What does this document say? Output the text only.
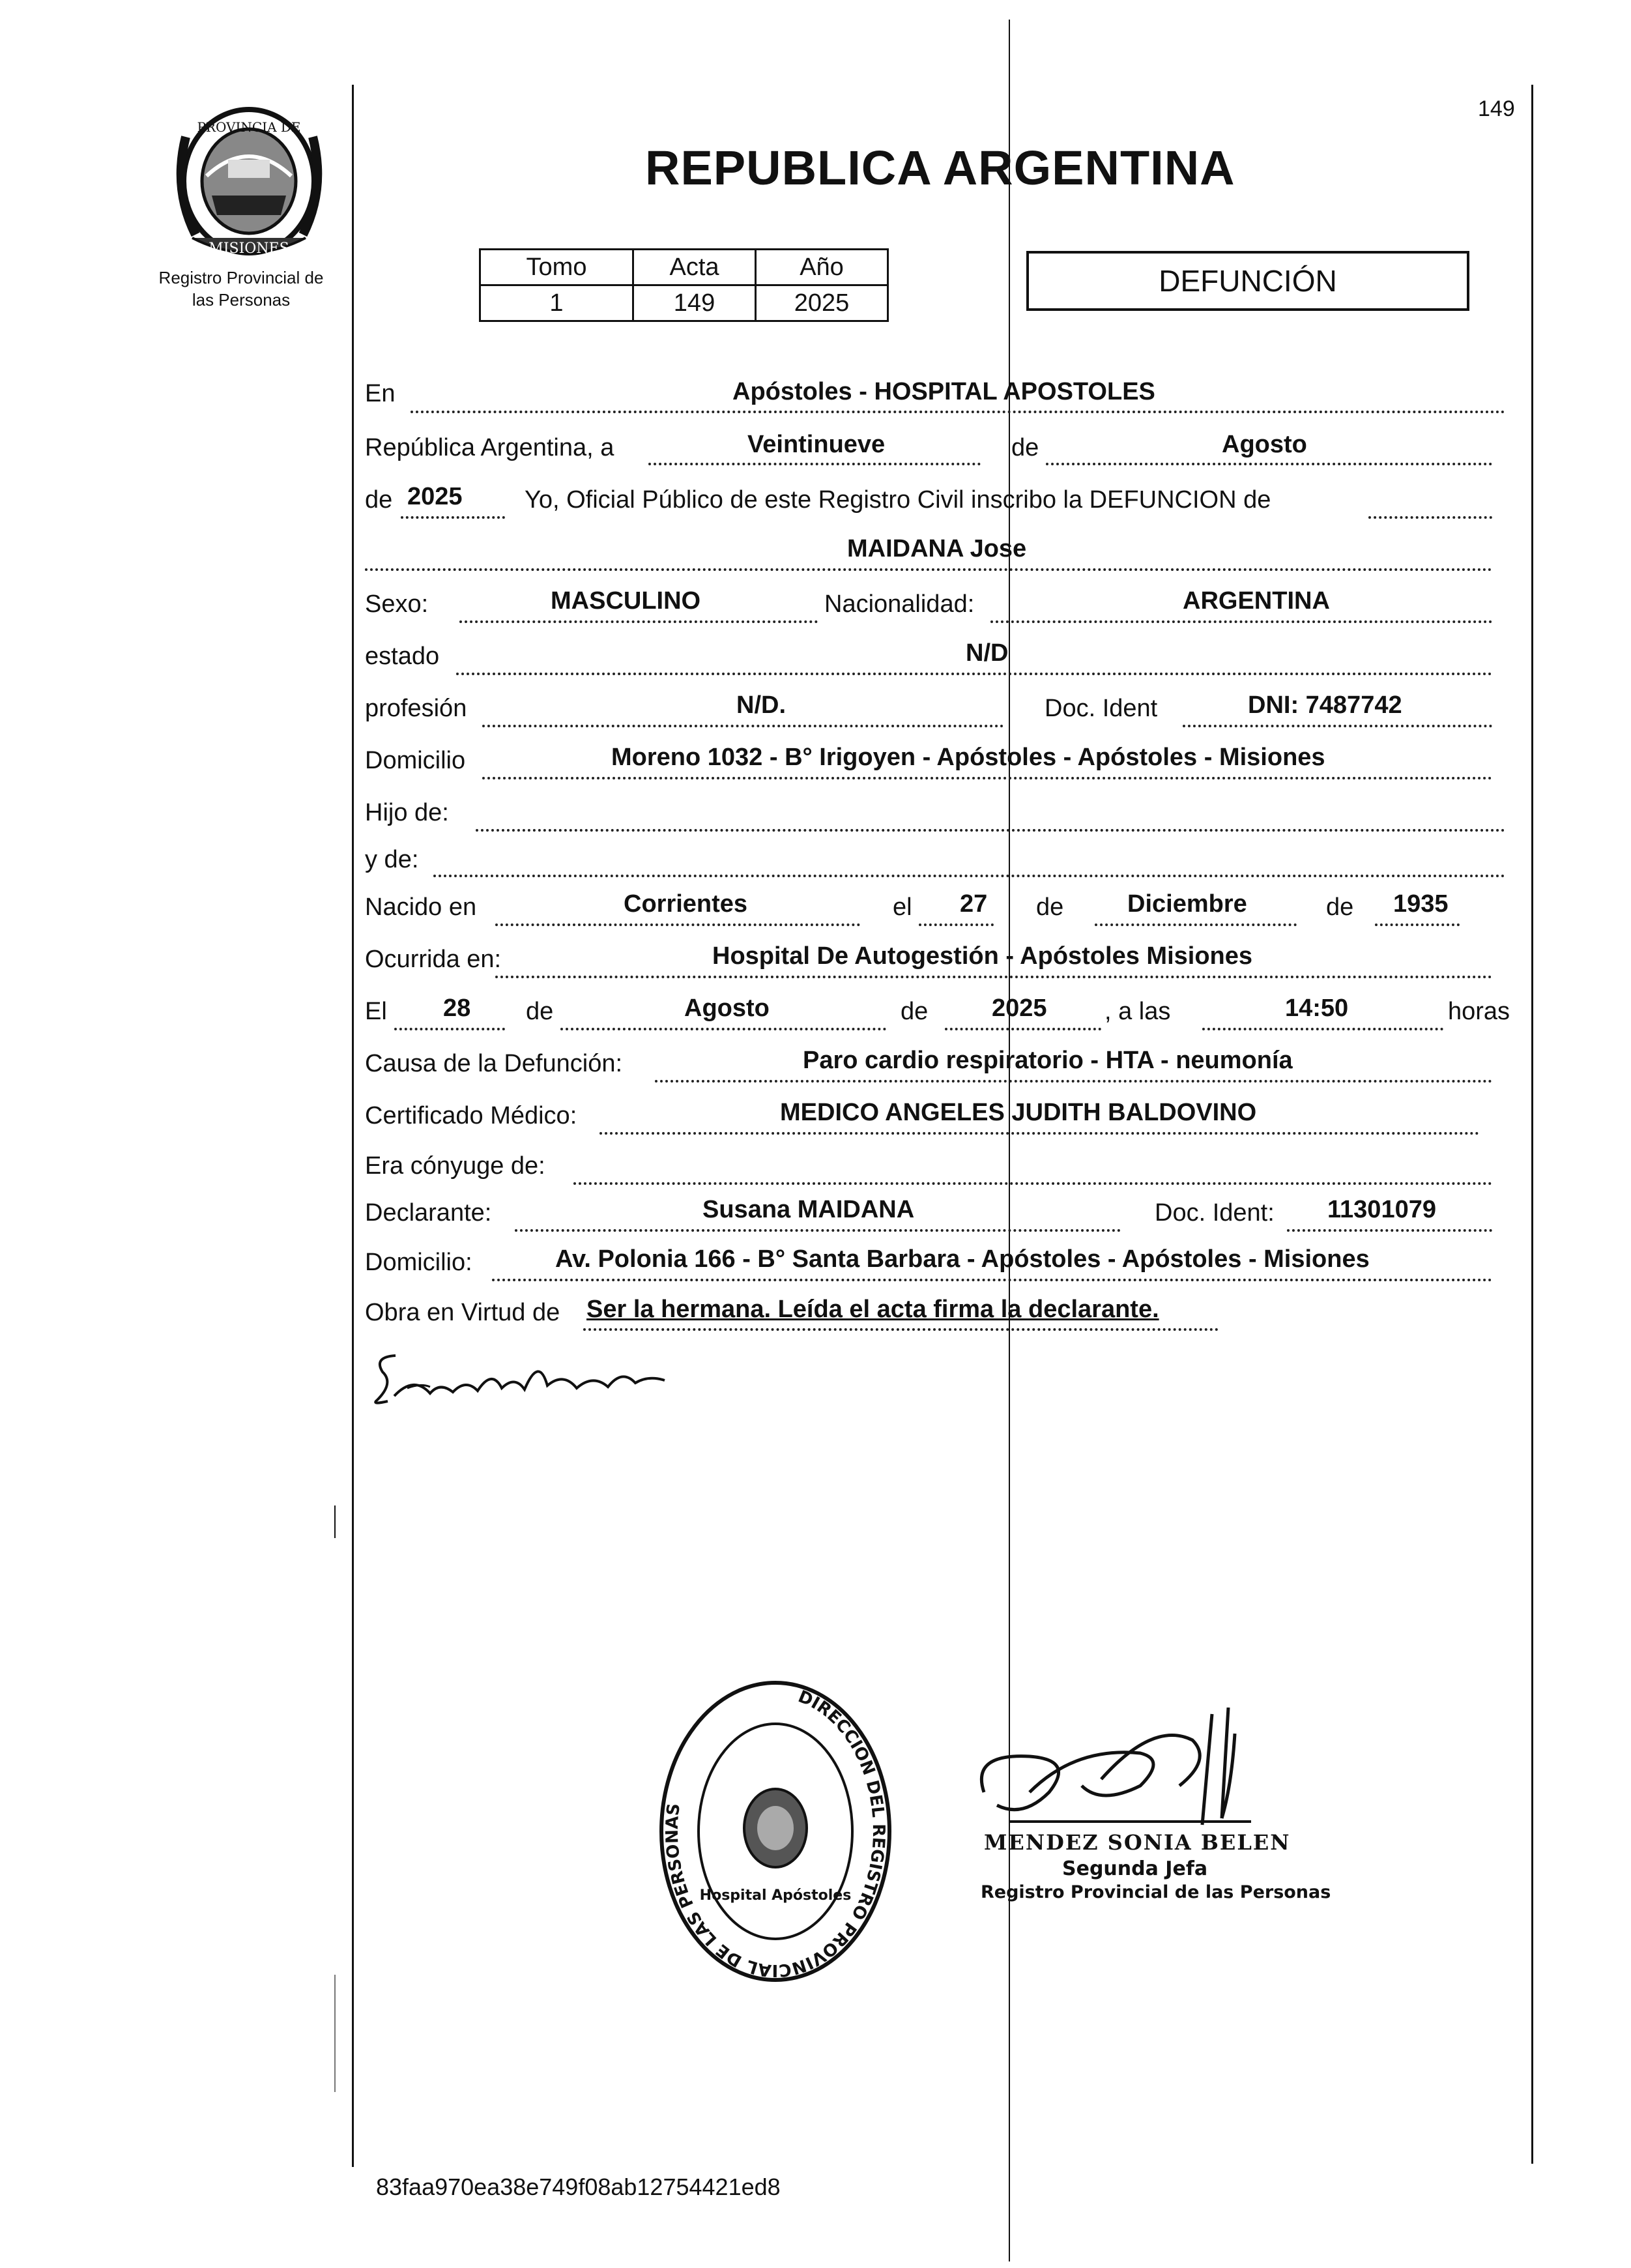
PROVINCIA DE
MISIONES
Registro Provincial de
las Personas
149
REPUBLICA ARGENTINA
Tomo	Acta	Año
1	149	2025
DEFUNCIÓN
En	Apóstoles - HOSPITAL APOSTOLES
República Argentina, a	Veintinueve	de	Agosto
de 2025	Yo, Oficial Público de este Registro Civil inscribo la DEFUNCION de
MAIDANA Jose
Sexo:	MASCULINO	Nacionalidad:	ARGENTINA
estado	N/D
profesión	N/D.	Doc. Ident	DNI: 7487742
Domicilio	Moreno 1032 - B° Irigoyen - Apóstoles - Apóstoles - Misiones
Hijo de:
y de:
Nacido en	Corrientes	el 27 de	Diciembre	de 1935
Ocurrida en:	Hospital De Autogestión - Apóstoles Misiones
El 28 de	Agosto	de	2025 , a las	14:50	horas
Causa de la Defunción:	Paro cardio respiratorio - HTA - neumonía
Certificado Médico:	MEDICO ANGELES JUDITH BALDOVINO
Era cónyuge de:
Declarante:	Susana MAIDANA	Doc. Ident: 11301079
Domicilio:	Av. Polonia 166 - B° Santa Barbara - Apóstoles - Apóstoles - Misiones
Obra en Virtud de Ser la hermana. Leída el acta firma la declarante.
DIRECCION DEL REGISTRO PROVINCIAL DE LAS PERSONAS
Hospital Apóstoles
MENDEZ SONIA BELEN
Segunda Jefa
Registro Provincial de las Personas
83faa970ea38e749f08ab12754421ed8
